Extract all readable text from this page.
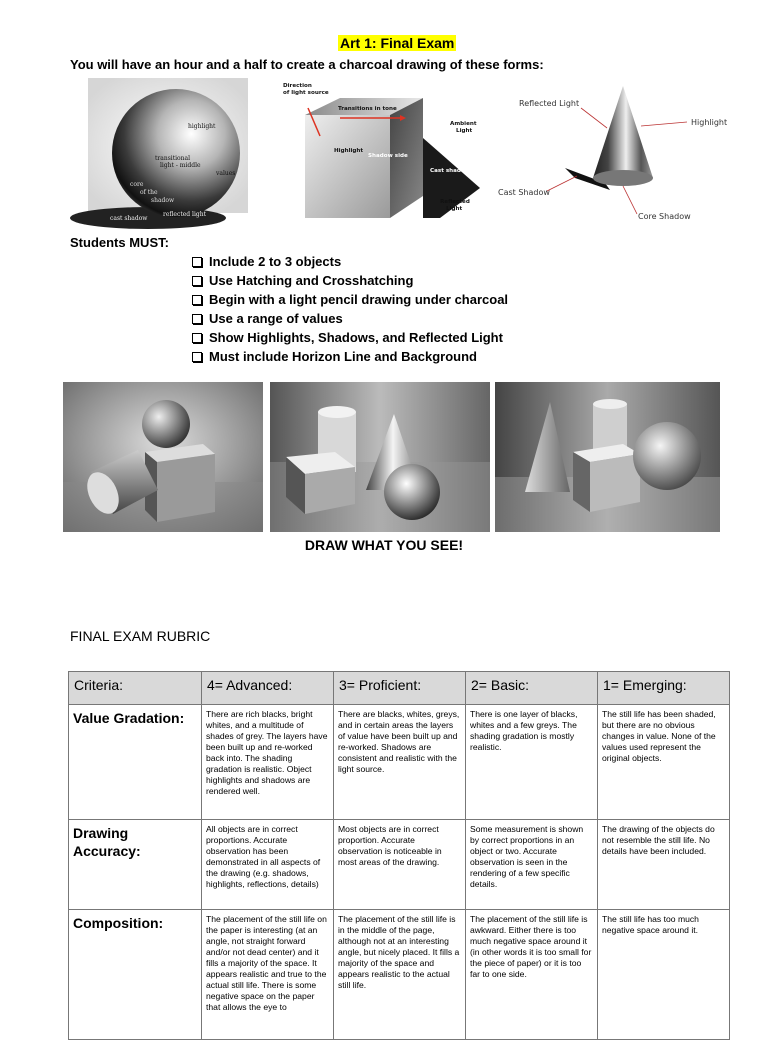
Art 1: Final Exam
You will have an hour and a half to create a charcoal drawing of these forms:
highlight
transitional
light - middle
values
core
of the
shadow
reflected light
cast shadow
Direction
of light source
Transitions in tone
Ambient
Light
Highlight
Shadow side
Cast shadow
Reflected
Light
Reflected Light
Highlight
Cast Shadow
Core Shadow
Students MUST:
Include 2 to 3 objects
Use Hatching and Crosshatching
Begin with a light pencil drawing under charcoal
Use a range of values
Show Highlights, Shadows, and Reflected Light
Must include Horizon Line and Background
DRAW WHAT YOU SEE!
FINAL EXAM RUBRIC
Criteria:	4= Advanced:	3= Proficient:	2= Basic:	1= Emerging:
Value Gradation:	There are rich blacks, bright whites, and a multitude of shades of grey. The layers have been built up and re-worked back into. The shading gradation is realistic. Object highlights and shadows are rendered well.	There are blacks, whites, greys, and in certain areas the layers of value have been built up and re-worked. Shadows are consistent and realistic with the light source.	There is one layer of blacks, whites and a few greys. The shading gradation is mostly realistic.	The still life has been shaded, but there are no obvious changes in value. None of the values used represent the original objects.
Drawing Accuracy:	All objects are in correct proportions. Accurate observation has been demonstrated in all aspects of the drawing (e.g. shadows, highlights, reflections, details)	Most objects are in correct proportion. Accurate observation is noticeable in most areas of the drawing.	Some measurement is shown by correct proportions in an object or two. Accurate observation is seen in the rendering of a few specific details.	The drawing of the objects do not resemble the still life. No details have been included.
Composition:	The placement of the still life on the paper is interesting (at an angle, not straight forward and/or not dead center) and it fills a majority of the space. It appears realistic and true to the actual still life. There is some negative space on the paper that allows the eye to	The placement of the still life is in the middle of the page, although not at an interesting angle, but nicely placed. It fills a majority of the space and appears realistic to the actual still life.	The placement of the still life is awkward. Either there is too much negative space around it (in other words it is too small for the piece of paper) or it is too far to one side.	The still life has too much negative space around it.
